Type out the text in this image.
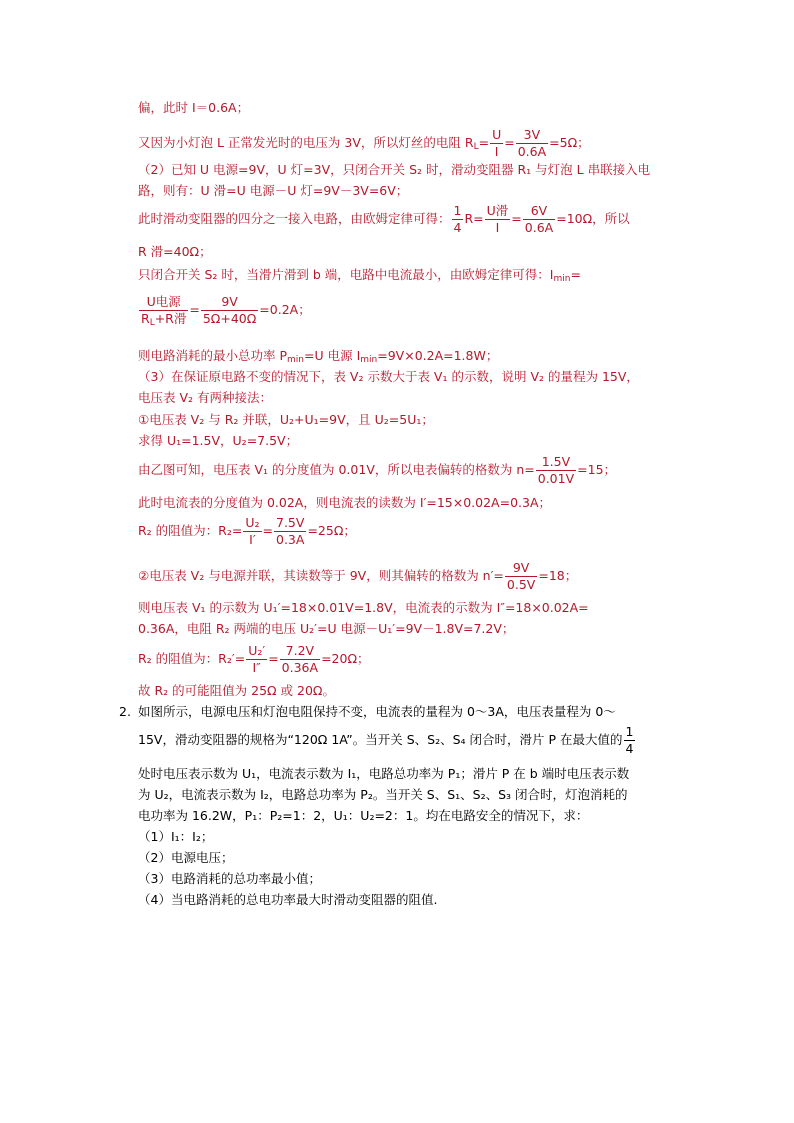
偏，此时 I＝0.6A；
又因为小灯泡 L 正常发光时的电压为 3V，所以灯丝的电阻 $R_L= \frac{U}{I} = \frac{3V}{0.6A} =5\Omega$；
（2）已知 U 电源=9V，U 灯=3V，只闭合开关 S₂ 时，滑动变阻器 R₁ 与灯泡 L 串联接入电
路，则有：U 滑=U 电源－U 灯=9V－3V=6V；
此时滑动变阻器的四分之一接入电路，由欧姆定律可得： $\frac{1}{4} R= \frac{\text{U滑}}{I} = \frac{6V}{0.6A} =10\Omega$，所以
R 滑=40Ω；
只闭合开关 S₂ 时，当滑片滑到 b 端，电路中电流最小，由欧姆定律可得：$I_{min}=$
$\frac{\text{U电源}}{R_L+R滑} = \frac{9V}{5\Omega+40\Omega} =0.2A$；
则电路消耗的最小总功率 $P_{min}=U$ 电源 $I_{min}=9V\times 0.2A=1.8W$；
（3）在保证原电路不变的情况下，表 V₂ 示数大于表 V₁ 的示数，说明 V₂ 的量程为 15V，
电压表 V₂ 有两种接法：
①电压表 V₂ 与 R₂ 并联，U₂+U₁=9V，且 U₂=5U₁；
求得 U₁=1.5V，U₂=7.5V；
由乙图可知，电压表 V₁ 的分度值为 0.01V，所以电表偏转的格数为 $n= \frac{1.5V}{0.01V} =15$；
此时电流表的分度值为 0.02A，则电流表的读数为 I′=15×0.02A=0.3A；
R₂ 的阻值为：$R_2= \frac{\text{U₂}}{I'} = \frac{7.5V}{0.3A} =25\Omega$；
②电压表 V₂ 与电源并联，其读数等于 9V，则其偏转的格数为 $n'= \frac{9V}{0.5V} =18$；
则电压表 V₁ 的示数为 U₁′=18×0.01V=1.8V，电流表的示数为 I″=18×0.02A=
0.36A，电阻 R₂ 两端的电压 U₂′=U 电源－U₁′=9V－1.8V=7.2V；
R₂ 的阻值为：$R_2'= \frac{\text{U₂′}}{I''} = \frac{7.2V}{0.36A} =20\Omega$；
故 R₂ 的可能阻值为 25Ω 或 20Ω。
2. 如图所示，电源电压和灯泡电阻保持不变，电流表的量程为 0～3A，电压表量程为 0～
15V，滑动变阻器的规格为“120Ω 1A”。当开关 S、S₂、S₄ 闭合时，滑片 P 在最大值的 $\frac{1}{4}$
处时电压表示数为 U₁，电流表示数为 I₁，电路总功率为 P₁；滑片 P 在 b 端时电压表示数
为 U₂，电流表示数为 I₂，电路总功率为 P₂。当开关 S、S₁、S₂、S₃ 闭合时，灯泡消耗的
电功率为 16.2W，P₁：P₂=1：2，U₁：U₂=2：1。均在电路安全的情况下，求：
（1）I₁：I₂；
（2）电源电压；
（3）电路消耗的总功率最小值；
（4）当电路消耗的总电功率最大时滑动变阻器的阻值.
